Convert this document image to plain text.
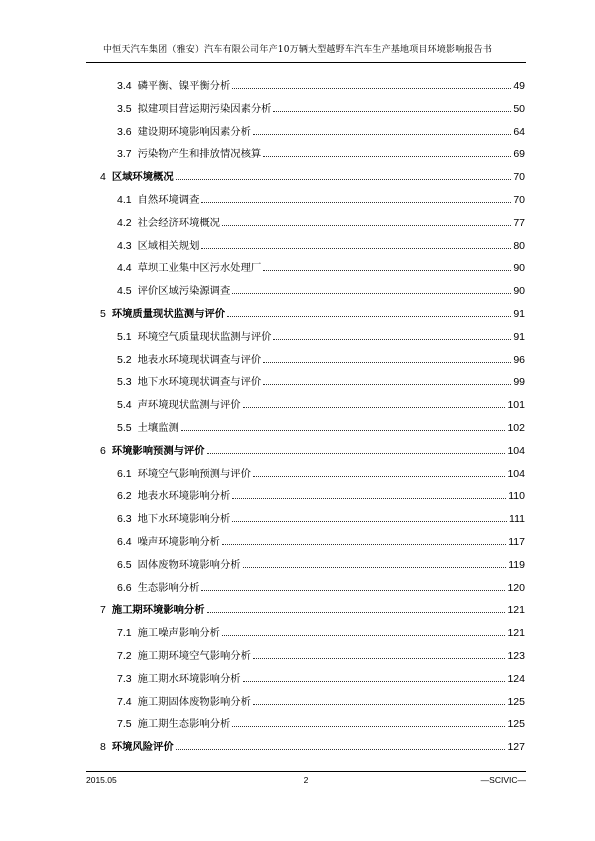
中恒天汽车集团（雅安）汽车有限公司年产10万辆大型越野车汽车生产基地项目环境影响报告书
3.4 磷平衡、镍平衡分析	49
3.5 拟建项目营运期污染因素分析	50
3.6 建设期环境影响因素分析	64
3.7 污染物产生和排放情况核算	69
4 区域环境概况	70
4.1 自然环境调查	70
4.2 社会经济环境概况	77
4.3 区域相关规划	80
4.4 草坝工业集中区污水处理厂	90
4.5 评价区域污染源调查	90
5 环境质量现状监测与评价	91
5.1 环境空气质量现状监测与评价	91
5.2 地表水环境现状调查与评价	96
5.3 地下水环境现状调查与评价	99
5.4 声环境现状监测与评价	101
5.5 土壤监测	102
6 环境影响预测与评价	104
6.1 环境空气影响预测与评价	104
6.2 地表水环境影响分析	110
6.3 地下水环境影响分析	111
6.4 噪声环境影响分析	117
6.5 固体废物环境影响分析	119
6.6 生态影响分析	120
7 施工期环境影响分析	121
7.1 施工噪声影响分析	121
7.2 施工期环境空气影响分析	123
7.3 施工期水环境影响分析	124
7.4 施工期固体废物影响分析	125
7.5 施工期生态影响分析	125
8 环境风险评价	127
2015.05	2	—SCIVIC—
